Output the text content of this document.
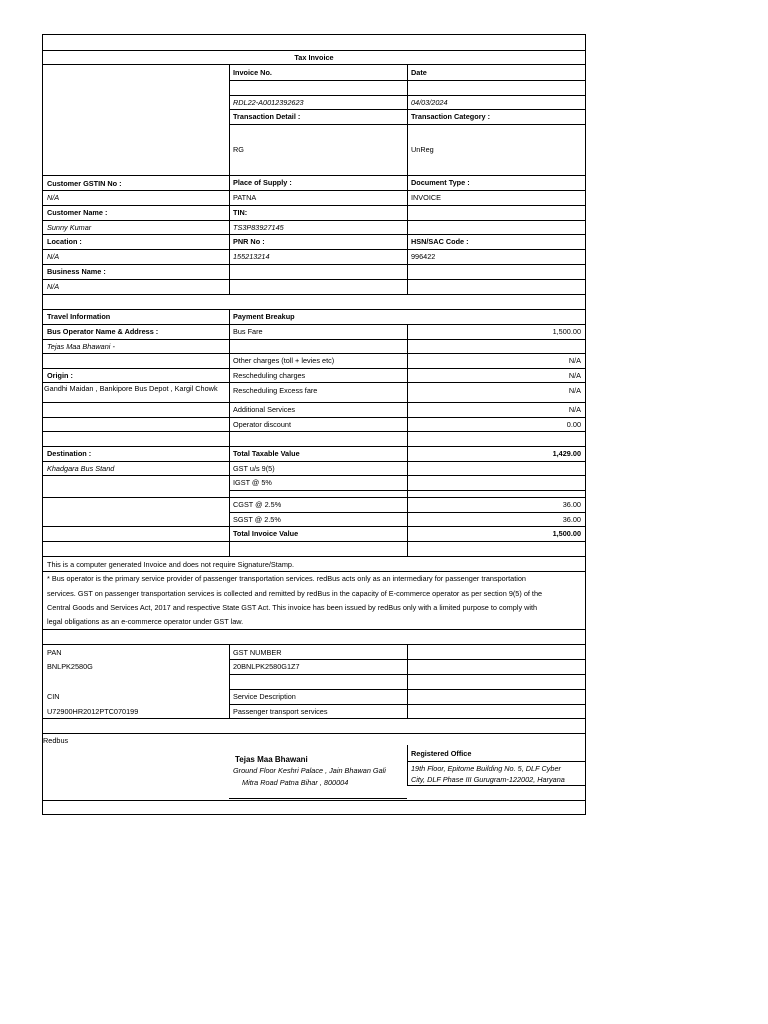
Tax Invoice
Invoice No.	Date
RDL22-A0012392623	04/03/2024
Transaction Detail :	Transaction Category :
RG	UnReg
Customer GSTIN No :	Place of Supply :	Document Type :
N/A	PATNA	INVOICE
Customer Name :	TIN:
Sunny Kumar	TS3P83927145
Location :	PNR No :	HSN/SAC Code :
N/A	155213214	996422
Business Name :
N/A
Travel Information	Payment Breakup
Bus Operator Name & Address :	Bus Fare	1,500.00
Tejas Maa Bhawani -
Other charges (toll + levies etc)	N/A
Origin :	Rescheduling charges	N/A
Gandhi Maidan , Bankipore Bus Depot , Kargil Chowk	Rescheduling Excess fare	N/A
Additional Services	N/A
Operator discount	0.00
Destination :	Total Taxable Value	1,429.00
Khadgara Bus Stand	GST u/s 9(5)
IGST @ 5%
CGST @ 2.5%	36.00
SGST @ 2.5%	36.00
Total Invoice Value	1,500.00
This is a computer generated Invoice and does not require Signature/Stamp.
* Bus operator is the primary service provider of passenger transportation services. redBus acts only as an intermediary for passenger transportation
services. GST on passenger transportation services is collected and remitted by redBus in the capacity of E-commerce operator as per section 9(5) of the
Central Goods and Services Act, 2017 and respective State GST Act. This invoice has been issued by redBus only with a limited purpose to comply with
legal obligations as an e-commerce operator under GST law.
PAN	GST NUMBER
BNLPK2580G	20BNLPK2580G1Z7
CIN	Service Description
U72900HR2012PTC070199	Passenger transport services
Redbus
Tejas Maa Bhawani
Ground Floor Keshri Palace , Jain Bhawan Gali
Mitra Road Patna Bihar , 800004
Registered Office
19th Floor, Epitome Building No. 5, DLF Cyber
City, DLF Phase III Gurugram-122002, Haryana
